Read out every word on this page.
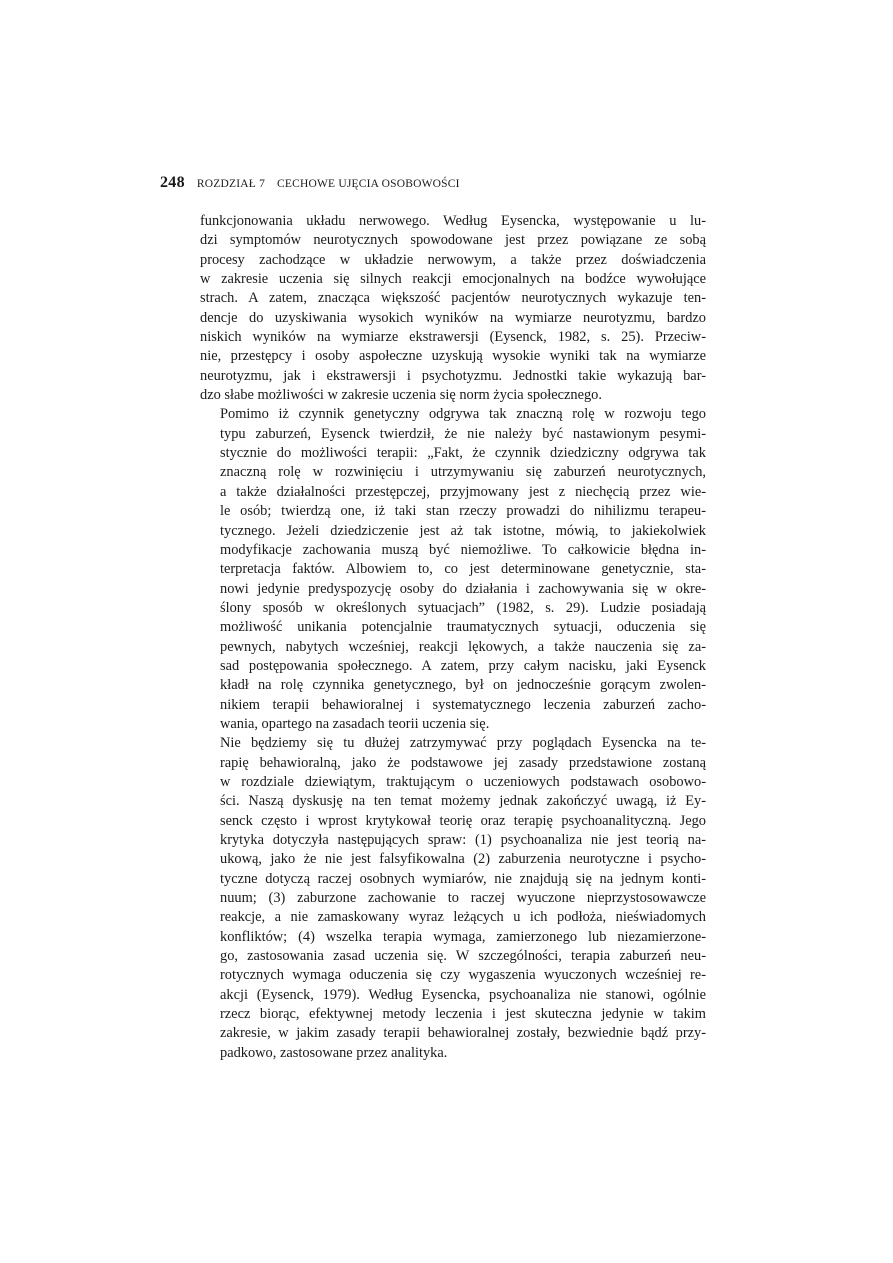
248 ROZDZIAŁ 7 CECHOWE UJĘCIA OSOBOWOŚCI

funkcjonowania układu nerwowego. Według Eysencka, występowanie u lu-
dzi symptomów neurotycznych spowodowane jest przez powiązane ze sobą
procesy zachodzące w układzie nerwowym, a także przez doświadczenia
w zakresie uczenia się silnych reakcji emocjonalnych na bodźce wywołujące
strach. A zatem, znacząca większość pacjentów neurotycznych wykazuje ten-
dencje do uzyskiwania wysokich wyników na wymiarze neurotyzmu, bardzo
niskich wyników na wymiarze ekstrawersji (Eysenck, 1982, s. 25). Przeciw-
nie, przestępcy i osoby aspołeczne uzyskują wysokie wyniki tak na wymiarze
neurotyzmu, jak i ekstrawersji i psychotyzmu. Jednostki takie wykazują bar-
dzo słabe możliwości w zakresie uczenia się norm życia społecznego.

Pomimo iż czynnik genetyczny odgrywa tak znaczną rolę w rozwoju tego
typu zaburzeń, Eysenck twierdził, że nie należy być nastawionym pesymi-
stycznie do możliwości terapii: „Fakt, że czynnik dziedziczny odgrywa tak
znaczną rolę w rozwinięciu i utrzymywaniu się zaburzeń neurotycznych,
a także działalności przestępczej, przyjmowany jest z niechęcią przez wie-
le osób; twierdzą one, iż taki stan rzeczy prowadzi do nihilizmu terapeu-
tycznego. Jeżeli dziedziczenie jest aż tak istotne, mówią, to jakiekolwiek
modyfikacje zachowania muszą być niemożliwe. To całkowicie błędna in-
terpretacja faktów. Albowiem to, co jest determinowane genetycznie, sta-
nowi jedynie predyspozycję osoby do działania i zachowywania się w okre-
ślony sposób w określonych sytuacjach” (1982, s. 29). Ludzie posiadają
możliwość unikania potencjalnie traumatycznych sytuacji, oduczenia się
pewnych, nabytych wcześniej, reakcji lękowych, a także nauczenia się za-
sad postępowania społecznego. A zatem, przy całym nacisku, jaki Eysenck
kładł na rolę czynnika genetycznego, był on jednocześnie gorącym zwolen-
nikiem terapii behawioralnej i systematycznego leczenia zaburzeń zacho-
wania, opartego na zasadach teorii uczenia się.

Nie będziemy się tu dłużej zatrzymywać przy poglądach Eysencka na te-
rapię behawioralną, jako że podstawowe jej zasady przedstawione zostaną
w rozdziale dziewiątym, traktującym o uczeniowych podstawach osobowo-
ści. Naszą dyskusję na ten temat możemy jednak zakończyć uwagą, iż Ey-
senck często i wprost krytykował teorię oraz terapię psychoanalityczną. Jego
krytyka dotyczyła następujących spraw: (1) psychoanaliza nie jest teorią na-
ukową, jako że nie jest falsyfikowalna (2) zaburzenia neurotyczne i psycho-
tyczne dotyczą raczej osobnych wymiarów, nie znajdują się na jednym konti-
nuum; (3) zaburzone zachowanie to raczej wyuczone nieprzystosowawcze
reakcje, a nie zamaskowany wyraz leżących u ich podłoża, nieświadomych
konfliktów; (4) wszelka terapia wymaga, zamierzonego lub niezamierzone-
go, zastosowania zasad uczenia się. W szczególności, terapia zaburzeń neu-
rotycznych wymaga oduczenia się czy wygaszenia wyuczonych wcześniej re-
akcji (Eysenck, 1979). Według Eysencka, psychoanaliza nie stanowi, ogólnie
rzecz biorąc, efektywnej metody leczenia i jest skuteczna jedynie w takim
zakresie, w jakim zasady terapii behawioralnej zostały, bezwiednie bądź przy-
padkowo, zastosowane przez analityka.
